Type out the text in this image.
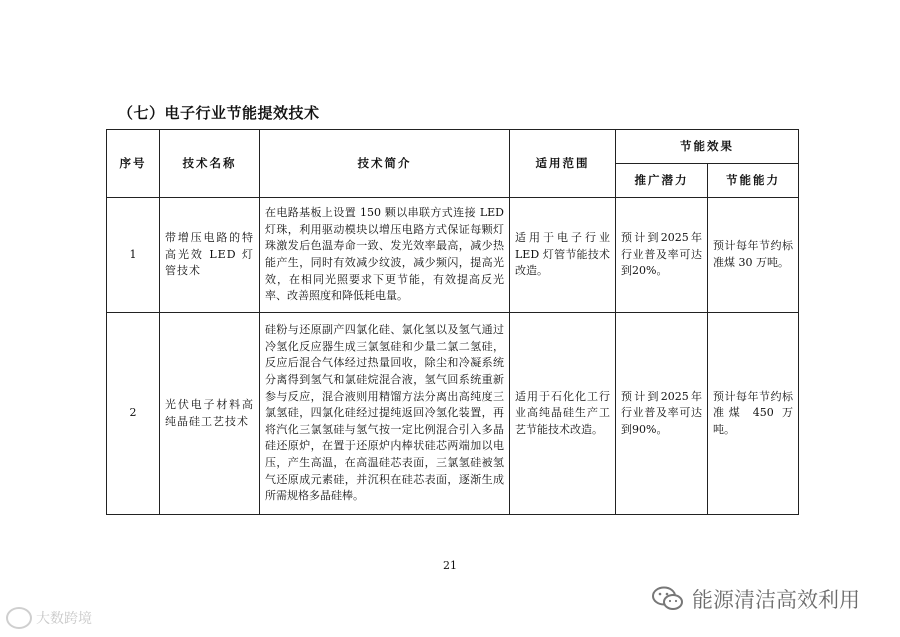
（七）电子行业节能提效技术
序号	技术名称	技术简介	适用范围	节能效果	
				推广潜力	节能能力
1	带增压电路的特高光效 LED 灯管技术	在电路基板上设置 150 颗以串联方式连接 LED 灯珠，利用驱动模块以增压电路方式保证每颗灯珠激发后色温寿命一致、发光效率最高，减少热能产生，同时有效减少纹波，减少频闪，提高光效，在相同光照要求下更节能，有效提高反光率、改善照度和降低耗电量。	适用于电子行业 LED 灯管节能技术改造。	预计到2025年行业普及率可达到20%。	预计每年节约标准煤 30 万吨。
2	光伏电子材料高纯晶硅工艺技术	硅粉与还原副产四氯化硅、氯化氢以及氢气通过冷氢化反应器生成三氯氢硅和少量二氯二氢硅，反应后混合气体经过热量回收，除尘和冷凝系统分离得到氢气和氯硅烷混合液，氢气回系统重新参与反应，混合液则用精馏方法分离出高纯度三氯氢硅，四氯化硅经过提纯返回冷氢化装置，再将汽化三氯氢硅与氢气按一定比例混合引入多晶硅还原炉，在置于还原炉内棒状硅芯两端加以电压，产生高温，在高温硅芯表面，三氯氢硅被氢气还原成元素硅，并沉积在硅芯表面，逐渐生成所需规格多晶硅棒。	适用于石化化工行业高纯晶硅生产工艺节能技术改造。	预计到2025年行业普及率可达到90%。	预计每年节约标准煤 450 万吨。
21
大数跨境
能源清洁高效利用
